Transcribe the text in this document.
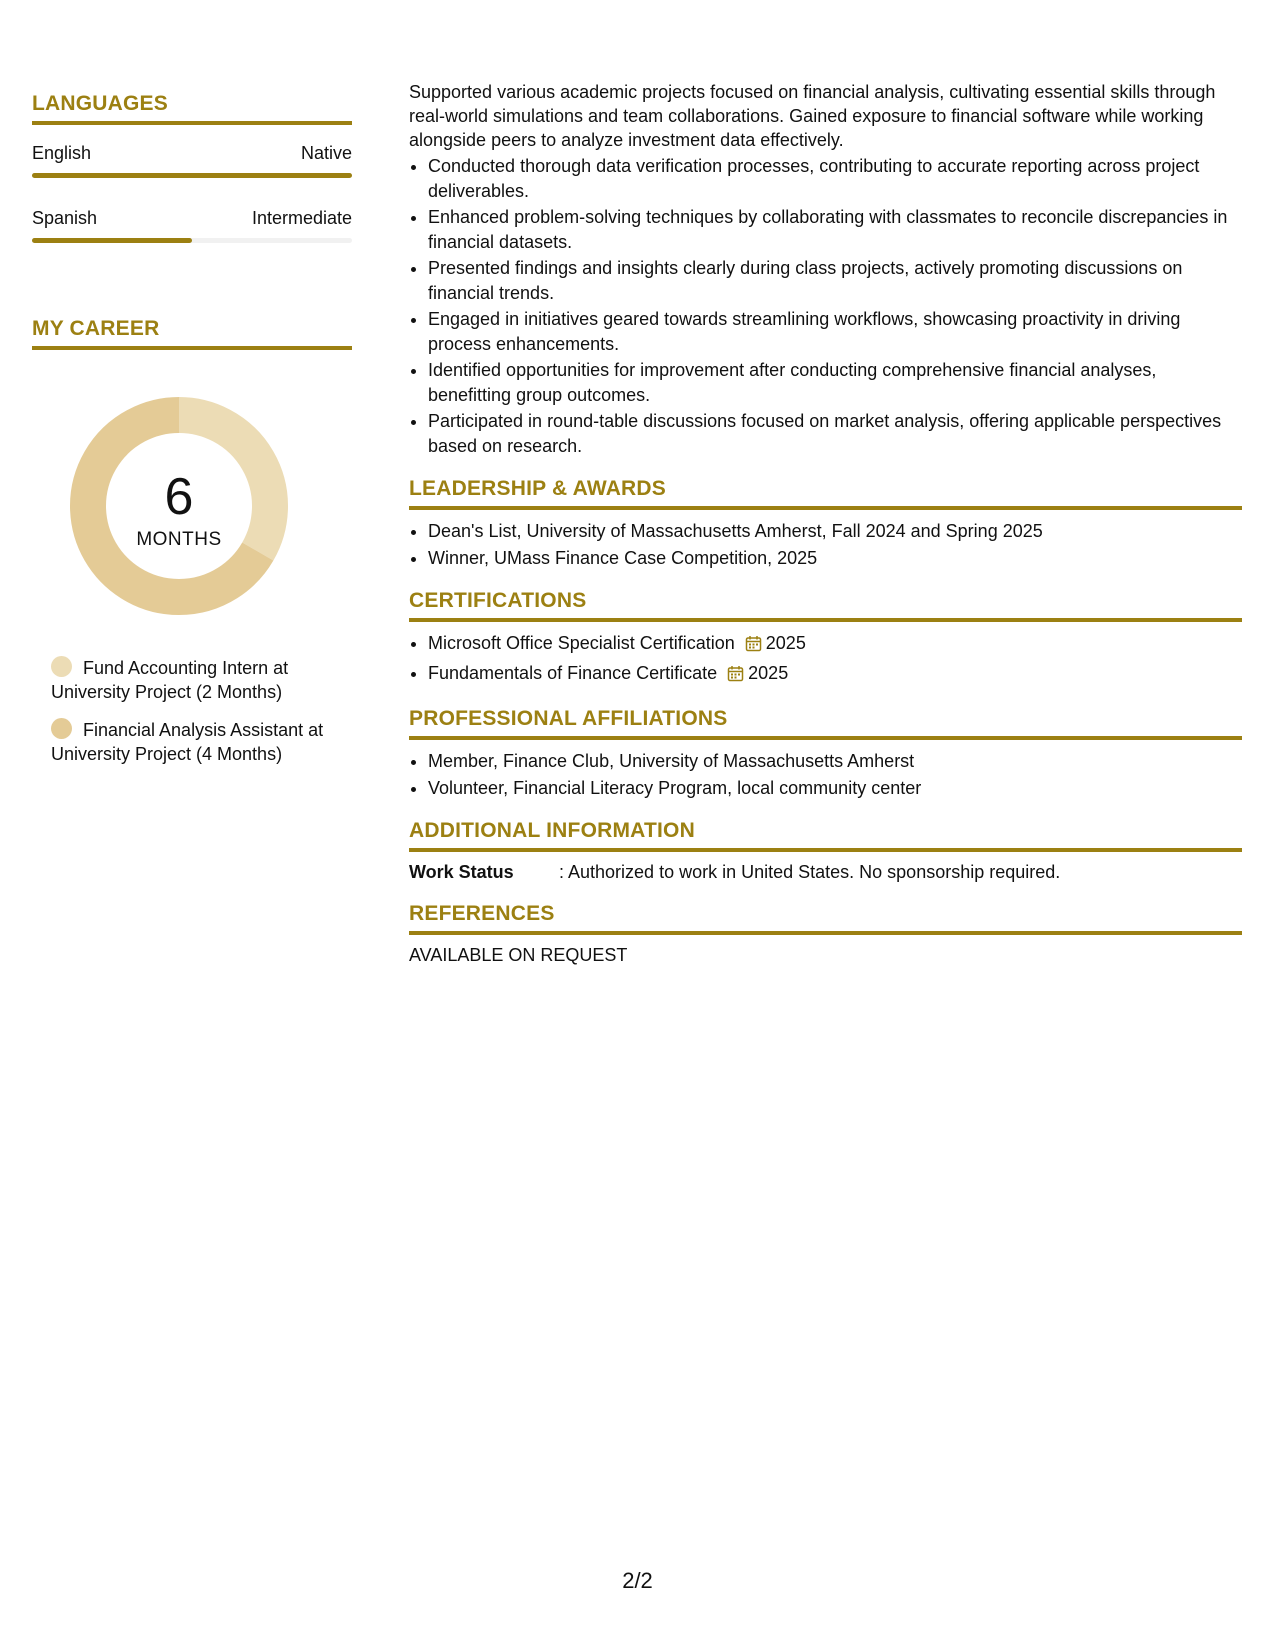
LANGUAGES
English	Native
Spanish	Intermediate
MY CAREER
6
MONTHS
Fund Accounting Intern at University Project (2 Months)
Financial Analysis Assistant at University Project (4 Months)
Supported various academic projects focused on financial analysis, cultivating essential skills through real-world simulations and team collaborations. Gained exposure to financial software while working alongside peers to analyze investment data effectively.
• Conducted thorough data verification processes, contributing to accurate reporting across project deliverables.
• Enhanced problem-solving techniques by collaborating with classmates to reconcile discrepancies in financial datasets.
• Presented findings and insights clearly during class projects, actively promoting discussions on financial trends.
• Engaged in initiatives geared towards streamlining workflows, showcasing proactivity in driving process enhancements.
• Identified opportunities for improvement after conducting comprehensive financial analyses, benefitting group outcomes.
• Participated in round-table discussions focused on market analysis, offering applicable perspectives based on research.
LEADERSHIP & AWARDS
• Dean's List, University of Massachusetts Amherst, Fall 2024 and Spring 2025
• Winner, UMass Finance Case Competition, 2025
CERTIFICATIONS
• Microsoft Office Specialist Certification 2025
• Fundamentals of Finance Certificate 2025
PROFESSIONAL AFFILIATIONS
• Member, Finance Club, University of Massachusetts Amherst
• Volunteer, Financial Literacy Program, local community center
ADDITIONAL INFORMATION
Work Status	: Authorized to work in United States. No sponsorship required.
REFERENCES
AVAILABLE ON REQUEST
2/2
